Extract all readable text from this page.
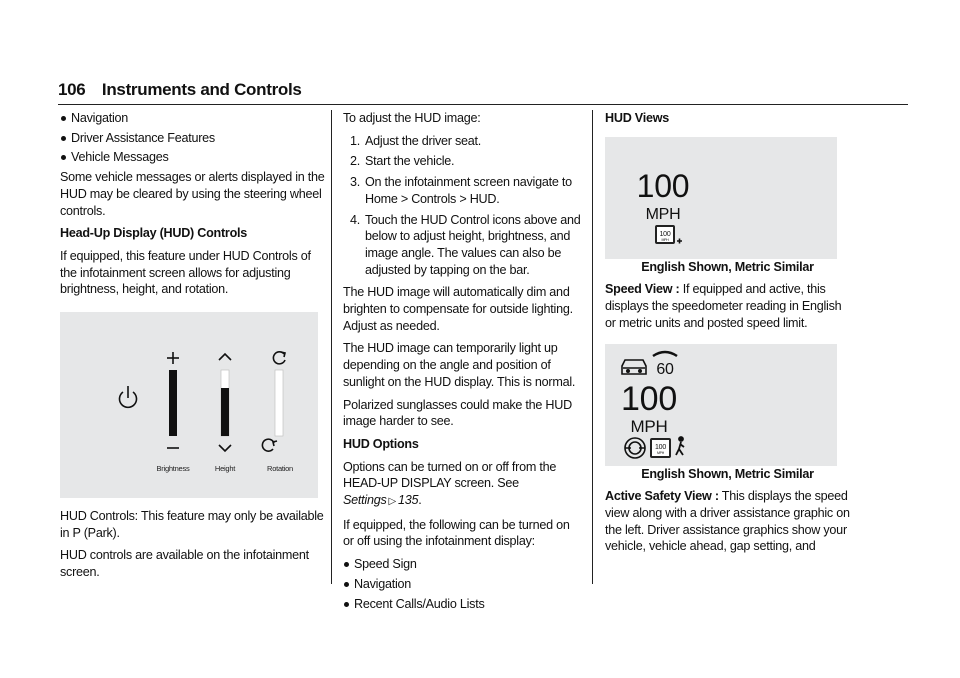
106 Instruments and Controls

Navigation

Driver Assistance Features

Vehicle Messages

Some vehicle messages or alerts displayed in the HUD may be cleared by using the steering wheel controls.

Head-Up Display (HUD) Controls

If equipped, this feature under HUD Controls of the infotainment screen allows for adjusting brightness, height, and rotation.

Brightness	Height	Rotation

HUD Controls: This feature may only be available in P (Park).

HUD controls are available on the infotainment screen.

To adjust the HUD image:

1. Adjust the driver seat.
2. Start the vehicle.
3. On the infotainment screen navigate to Home > Controls > HUD.
4. Touch the HUD Control icons above and below to adjust height, brightness, and image angle. The values can also be adjusted by tapping on the bar.

The HUD image will automatically dim and brighten to compensate for outside lighting. Adjust as needed.

The HUD image can temporarily light up depending on the angle and position of sunlight on the HUD display. This is normal.

Polarized sunglasses could make the HUD image harder to see.

HUD Options

Options can be turned on or off from the HEAD-UP DISPLAY screen. See Settings ▷ 135.

If equipped, the following can be turned on or off using the infotainment display:

Speed Sign

Navigation

Recent Calls/Audio Lists

HUD Views

100
MPH
100
MPH

English Shown, Metric Similar

Speed View : If equipped and active, this displays the speedometer reading in English or metric units and posted speed limit.

60
100
MPH
100
MPH

English Shown, Metric Similar

Active Safety View : This displays the speed view along with a driver assistance graphic on the left. Driver assistance graphics show your vehicle, vehicle ahead, gap setting, and
